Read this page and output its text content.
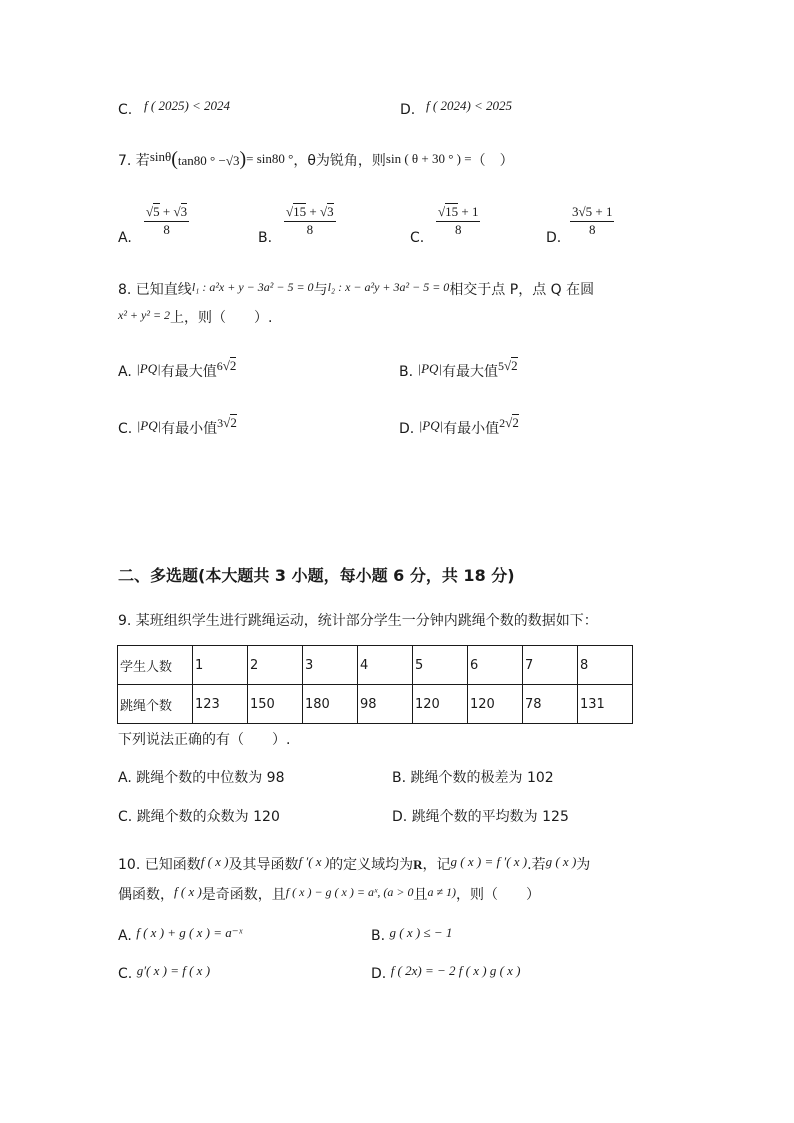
C. f ( 2025) < 2024	D. f ( 2024) < 2025
7. 若sinθ(tan80 ° −√3)= sin80 °，θ为锐角，则sin ( θ + 30 ° ) =（　）
A. $\frac{√5 + √3}{8}$	B. $\frac{√15 + √3}{8}$	C. $\frac{√15 + 1}{8}$	D. $\frac{3√5 + 1}{8}$
8. 已知直线l₁ : a²x + y − 3a² − 5 = 0与l₂ : x − a²y + 3a² − 5 = 0相交于点 P，点 Q 在圆
x² + y² = 2上，则（　　）.
A. |PQ|有最大值6√2	B. |PQ|有最大值5√2
C. |PQ|有最小值3√2	D. |PQ|有最小值2√2
二、多选题(本大题共 3 小题，每小题 6 分，共 18 分)
9. 某班组织学生进行跳绳运动，统计部分学生一分钟内跳绳个数的数据如下：
学生人数	1	2	3	4	5	6	7	8
跳绳个数	123	150	180	98	120	120	78	131
下列说法正确的有（　　）.
A. 跳绳个数的中位数为 98	B. 跳绳个数的极差为 102
C. 跳绳个数的众数为 120	D. 跳绳个数的平均数为 125
10. 已知函数f ( x )及其导函数f ′( x )的定义域均为R，记g ( x ) = f ′( x ).若g ( x )为
偶函数，f ( x )是奇函数，且f ( x ) − g ( x ) = aˣ, (a > 0且a ≠ 1)，则（　　）
A. f ( x ) + g ( x ) = a⁻ˣ	B. g ( x ) ≤ − 1
C. g′( x ) = f ( x )	D. f ( 2x) = − 2 f ( x ) g ( x )
